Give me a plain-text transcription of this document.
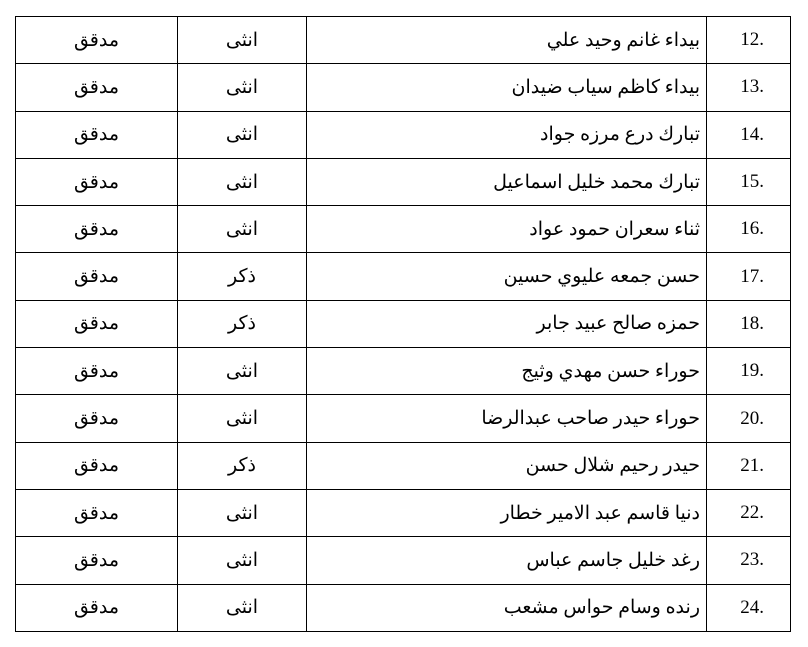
12.	بيداء غانم وحيد علي	انثى	مدقق
13.	بيداء كاظم سياب ضيدان	انثى	مدقق
14.	تبارك درع مرزه جواد	انثى	مدقق
15.	تبارك محمد خليل اسماعيل	انثى	مدقق
16.	ثناء سعران حمود عواد	انثى	مدقق
17.	حسن جمعه عليوي حسين	ذكر	مدقق
18.	حمزه صالح عبيد جابر	ذكر	مدقق
19.	حوراء حسن مهدي وثيج	انثى	مدقق
20.	حوراء حيدر صاحب عبدالرضا	انثى	مدقق
21.	حيدر رحيم شلال حسن	ذكر	مدقق
22.	دنيا قاسم عبد الامير خطار	انثى	مدقق
23.	رغد خليل جاسم عباس	انثى	مدقق
24.	رنده وسام حواس مشعب	انثى	مدقق
